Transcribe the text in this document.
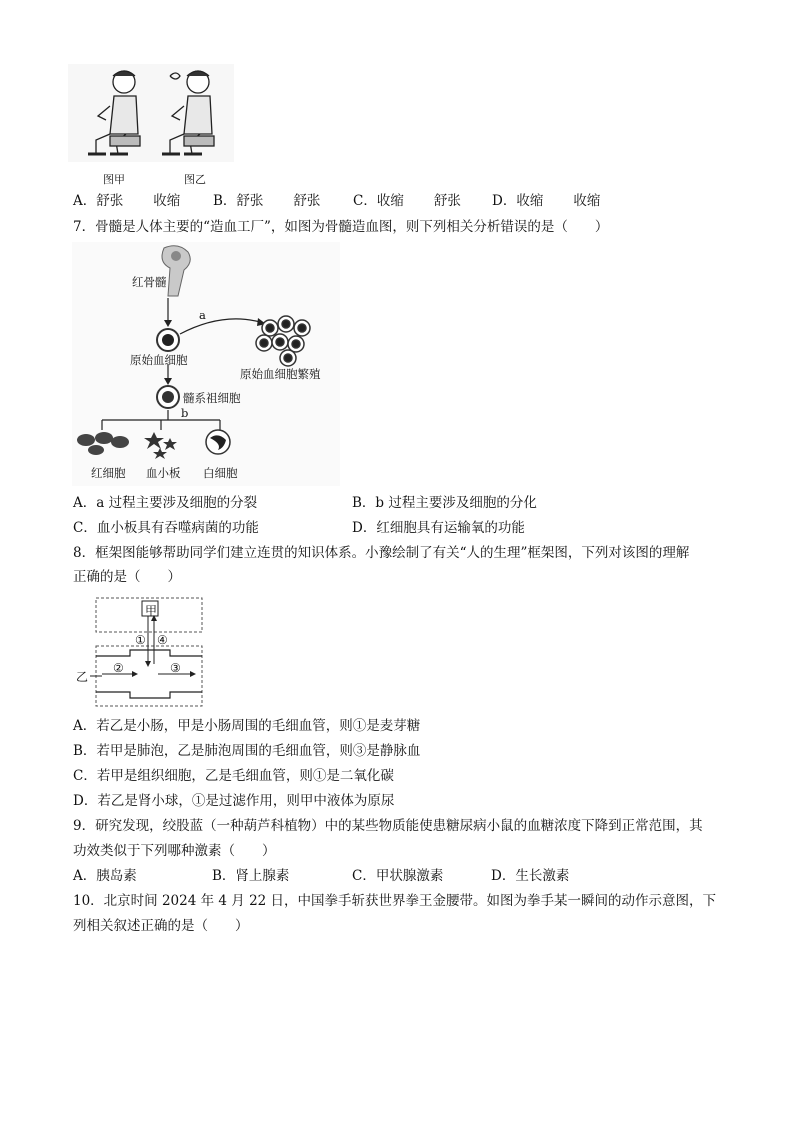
图甲	图乙
A．舒张 收缩 B．舒张 舒张 C．收缩 舒张 D．收缩 收缩
7．骨髓是人体主要的“造血工厂”，如图为骨髓造血图，则下列相关分析错误的是（　　）
红骨髓
a
原始血细胞
原始血细胞繁殖
髓系祖细胞
b
红细胞 血小板 白细胞
A．a 过程主要涉及细胞的分裂	B．b 过程主要涉及细胞的分化
C．血小板具有吞噬病菌的功能	D．红细胞具有运输氧的功能
8．框架图能够帮助同学们建立连贯的知识体系。小豫绘制了有关“人的生理”框架图，下列对该图的理解
正确的是（　　）
甲
① ④
②	③
乙
A．若乙是小肠，甲是小肠周围的毛细血管，则①是麦芽糖
B．若甲是肺泡，乙是肺泡周围的毛细血管，则③是静脉血
C．若甲是组织细胞，乙是毛细血管，则①是二氧化碳
D．若乙是肾小球，①是过滤作用，则甲中液体为原尿
9．研究发现，绞股蓝（一种葫芦科植物）中的某些物质能使患糖尿病小鼠的血糖浓度下降到正常范围，其
功效类似于下列哪种激素（　　）
A．胰岛素	B．肾上腺素	C．甲状腺激素	D．生长激素
10．北京时间 2024 年 4 月 22 日，中国拳手斩获世界拳王金腰带。如图为拳手某一瞬间的动作示意图，下
列相关叙述正确的是（　　）
